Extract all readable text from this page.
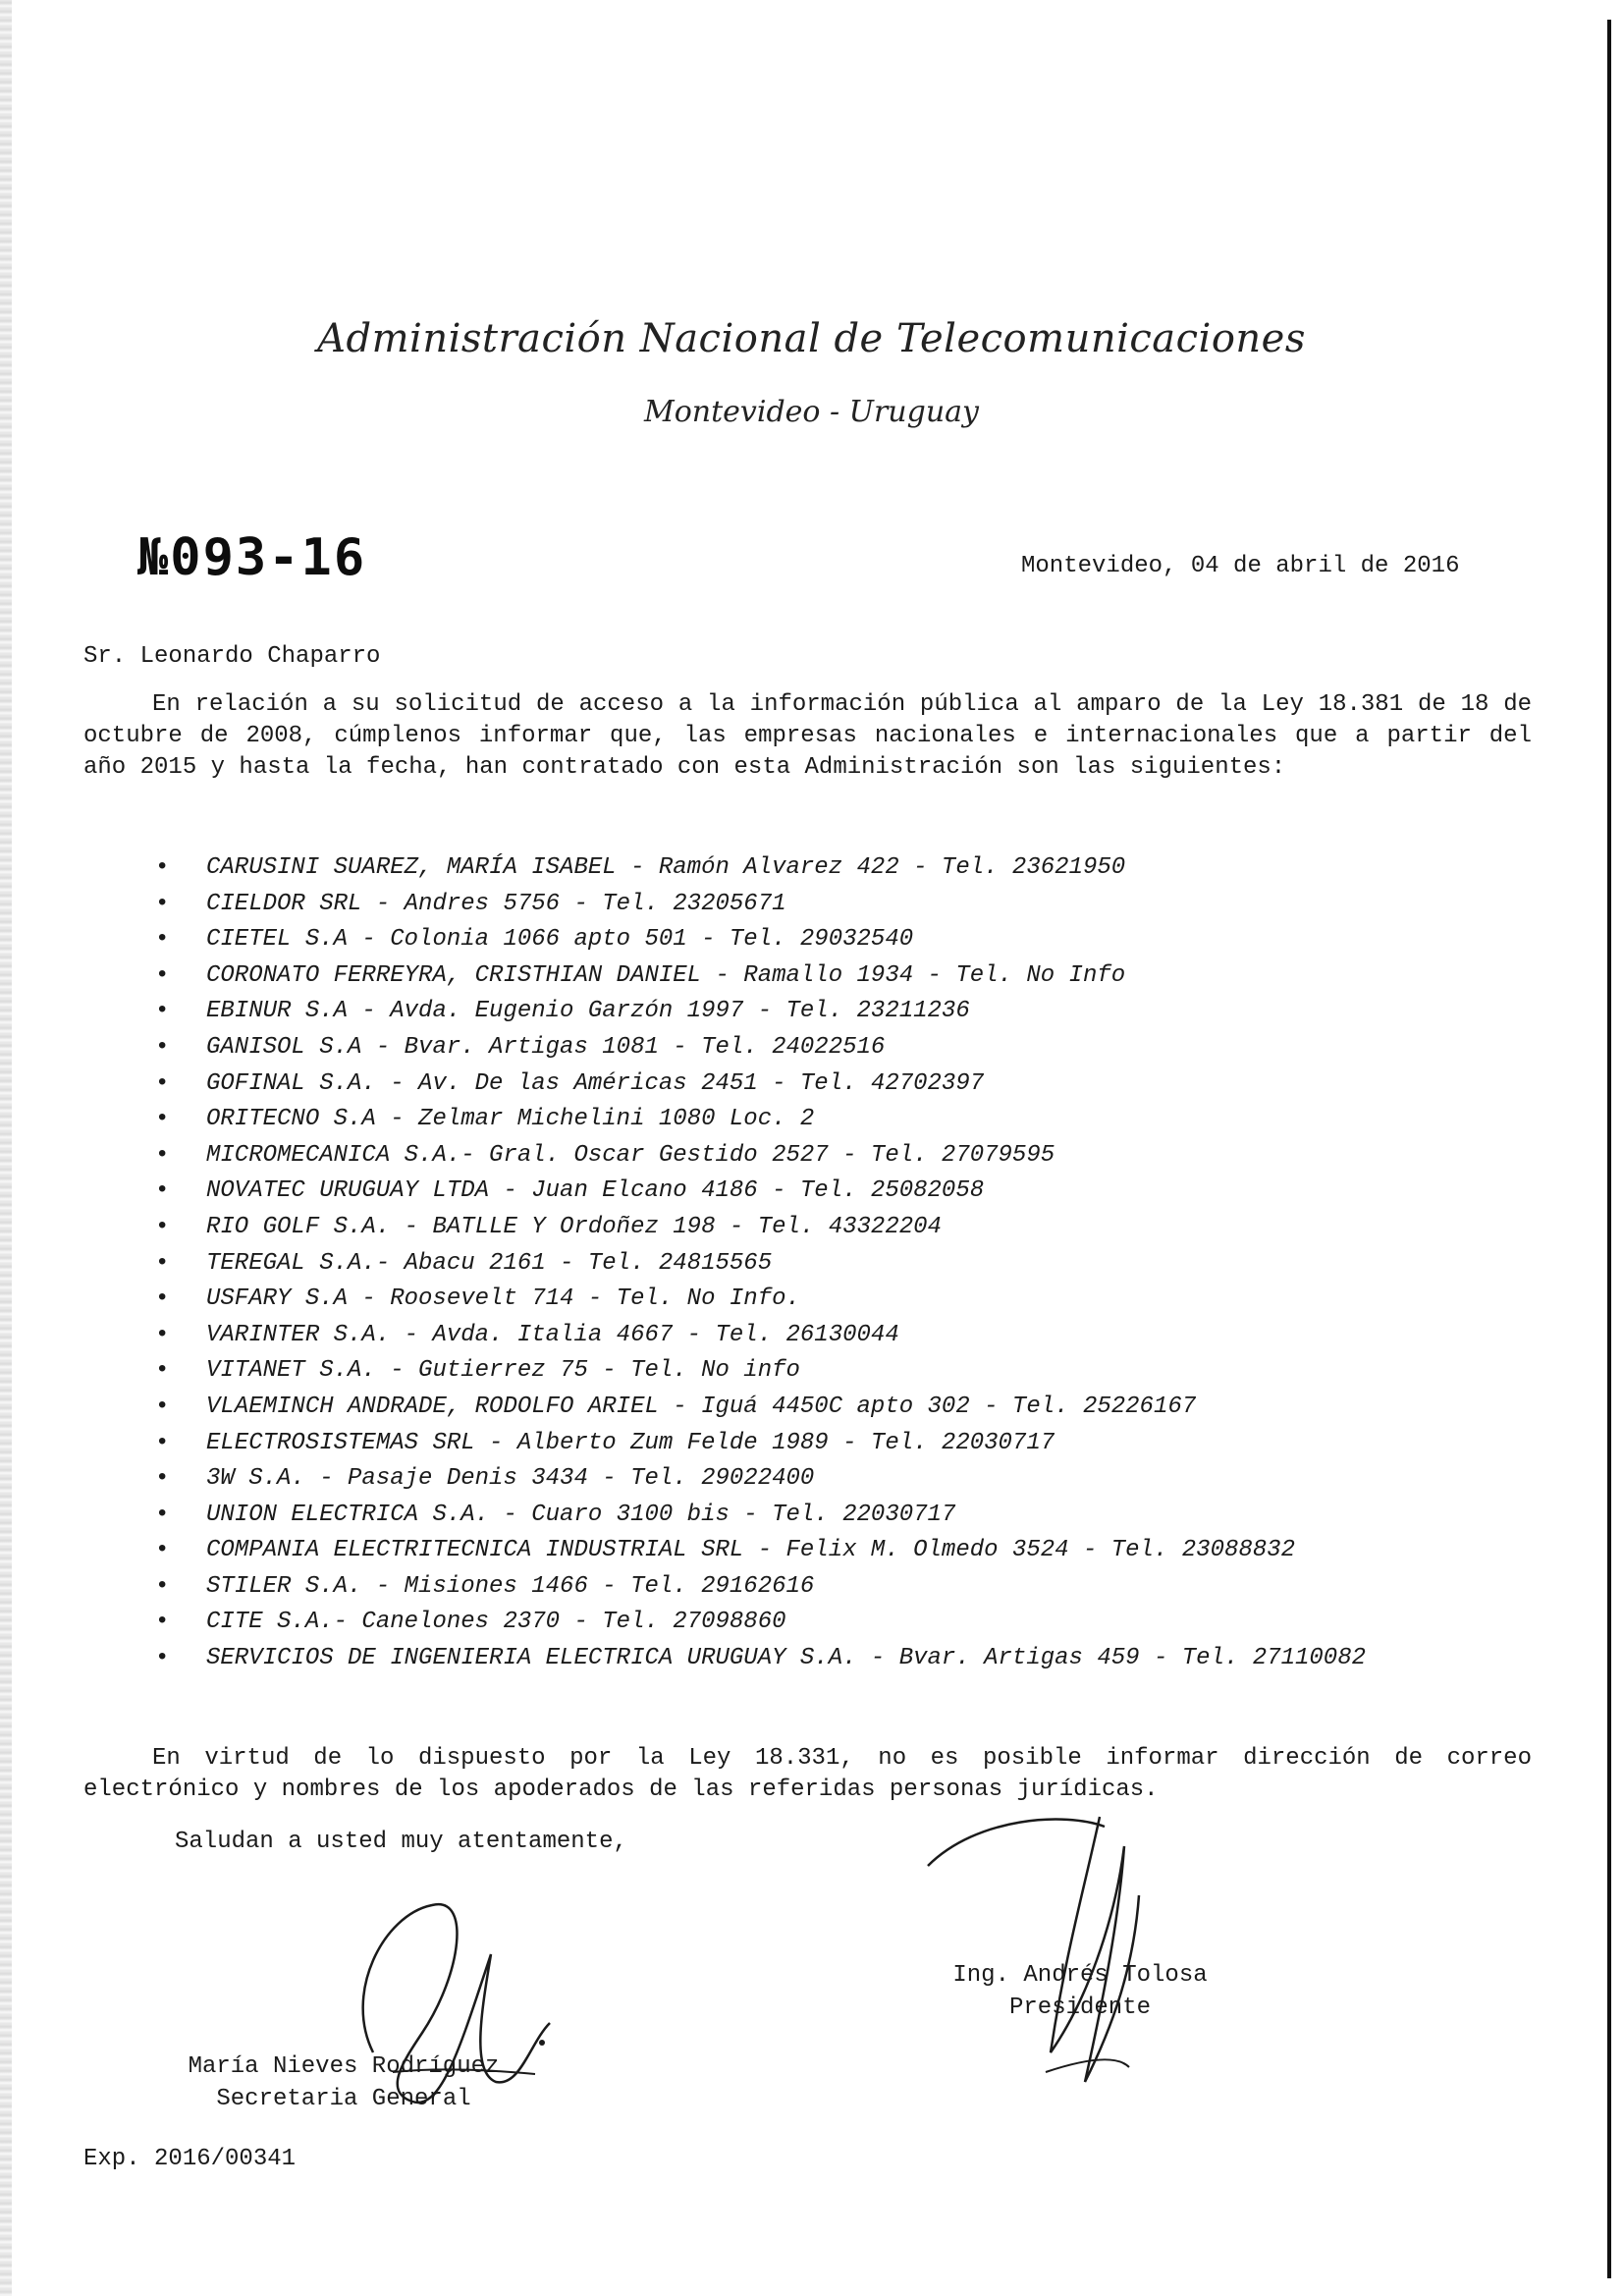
Administración Nacional de Telecomunicaciones
Montevideo - Uruguay
№093-16	Montevideo, 04 de abril de 2016
Sr. Leonardo Chaparro

En relación a su solicitud de acceso a la información pública al amparo de la Ley 18.381 de 18 de octubre de 2008, cúmplenos informar que, las empresas nacionales e internacionales que a partir del año 2015 y hasta la fecha, han contratado con esta Administración son las siguientes:

• CARUSINI SUAREZ, MARÍA ISABEL - Ramón Alvarez 422 - Tel. 23621950
• CIELDOR SRL - Andres 5756 - Tel. 23205671
• CIETEL S.A - Colonia 1066 apto 501 - Tel. 29032540
• CORONATO FERREYRA, CRISTHIAN DANIEL - Ramallo 1934 - Tel. No Info
• EBINUR S.A - Avda. Eugenio Garzón 1997 - Tel. 23211236
• GANISOL S.A - Bvar. Artigas 1081 - Tel. 24022516
• GOFINAL S.A. - Av. De las Américas 2451 - Tel. 42702397
• ORITECNO S.A - Zelmar Michelini 1080 Loc. 2
• MICROMECANICA S.A.- Gral. Oscar Gestido 2527 - Tel. 27079595
• NOVATEC URUGUAY LTDA - Juan Elcano 4186 - Tel. 25082058
• RIO GOLF S.A. - BATLLE Y Ordoñez 198 - Tel. 43322204
• TEREGAL S.A.- Abacu 2161 - Tel. 24815565
• USFARY S.A - Roosevelt 714 - Tel. No Info.
• VARINTER S.A. - Avda. Italia 4667 - Tel. 26130044
• VITANET S.A. - Gutierrez 75 - Tel. No info
• VLAEMINCH ANDRADE, RODOLFO ARIEL - Iguá 4450C apto 302 - Tel. 25226167
• ELECTROSISTEMAS SRL - Alberto Zum Felde 1989 - Tel. 22030717
• 3W S.A. - Pasaje Denis 3434 - Tel. 29022400
• UNION ELECTRICA S.A. - Cuaro 3100 bis - Tel. 22030717
• COMPANIA ELECTRITECNICA INDUSTRIAL SRL - Felix M. Olmedo 3524 - Tel. 23088832
• STILER S.A. - Misiones 1466 - Tel. 29162616
• CITE S.A.- Canelones 2370 - Tel. 27098860
• SERVICIOS DE INGENIERIA ELECTRICA URUGUAY S.A. - Bvar. Artigas 459 - Tel. 27110082

En virtud de lo dispuesto por la Ley 18.331, no es posible informar dirección de correo electrónico y nombres de los apoderados de las referidas personas jurídicas.

Saludan a usted muy atentamente,
María Nieves Rodríguez
Secretaria General
Ing. Andrés Tolosa
Presidente
Exp. 2016/00341
